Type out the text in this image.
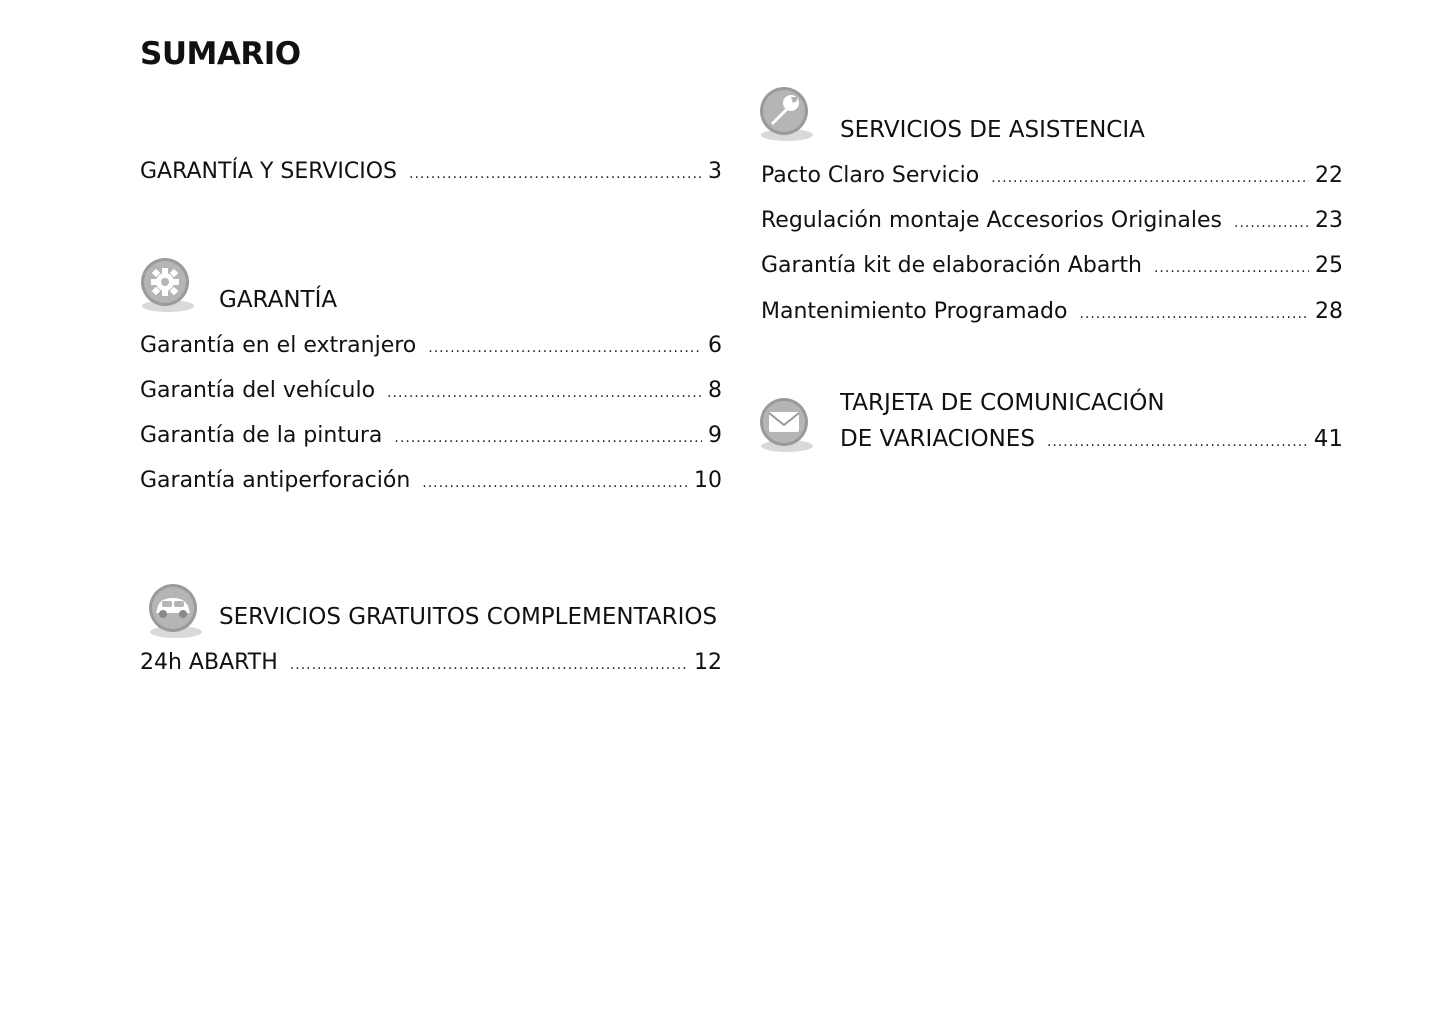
SUMARIO
GARANTÍA Y SERVICIOS .....	3
GARANTÍA
Garantía en el extranjero .....	6
Garantía del vehículo .....	8
Garantía de la pintura .....	9
Garantía antiperforación .....	10
SERVICIOS GRATUITOS COMPLEMENTARIOS
24h ABARTH .....	12
SERVICIOS DE ASISTENCIA
Pacto Claro Servicio .....	22
Regulación montaje Accesorios Originales .....	23
Garantía kit de elaboración Abarth .....	25
Mantenimiento Programado .....	28
TARJETA DE COMUNICACIÓN
DE VARIACIONES .....	41
